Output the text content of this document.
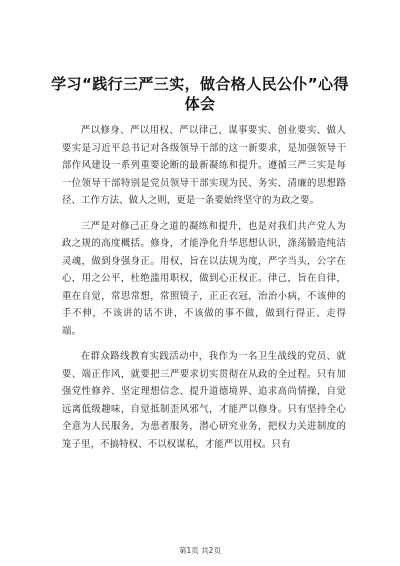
学习“践行三严三实，做合格人民公仆”心得体会

严以修身、严以用权、严以律己，谋事要实、创业要实、做人要实是习近平总书记对各级领导干部的这一新要求，是加强领导干部作风建设一系列重要论断的最新凝练和提升。遵循三严三实是每一位领导干部特别是党员领导干部实现为民、务实、清廉的思想路径、工作方法、做人之则，更是一条要始终坚守的为政之要。

三严是对修己正身之道的凝练和提升，也是对我们共产党人为政之规的高度概括。修身，才能净化升华思想认识，涤荡锻造纯洁灵魂，做到身强身正。用权，旨在以法规为度，严字当头，公字在心，用之公平，杜绝滥用职权，做到心正权正。律己，旨在自律，重在自觉，常思常想，常照镜子，正正衣冠，治治小病，不该伸的手不伸，不该讲的话不讲，不该做的事不做，做到行得正、走得端。

在群众路线教育实践活动中，我作为一名卫生战线的党员、就要、端正作风，就要把三严要求切实贯彻在从政的全过程。只有加强党性修养、坚定理想信念、提升道德境界、追求高尚情操，自觉远离低级趣味，自觉抵制歪风邪气，才能严以修身。只有坚持全心全意为人民服务，为患者服务，潜心研究业务，把权力关进制度的笼子里，不搞特权、不以权谋私，才能严以用权。只有

第1页 共2页
